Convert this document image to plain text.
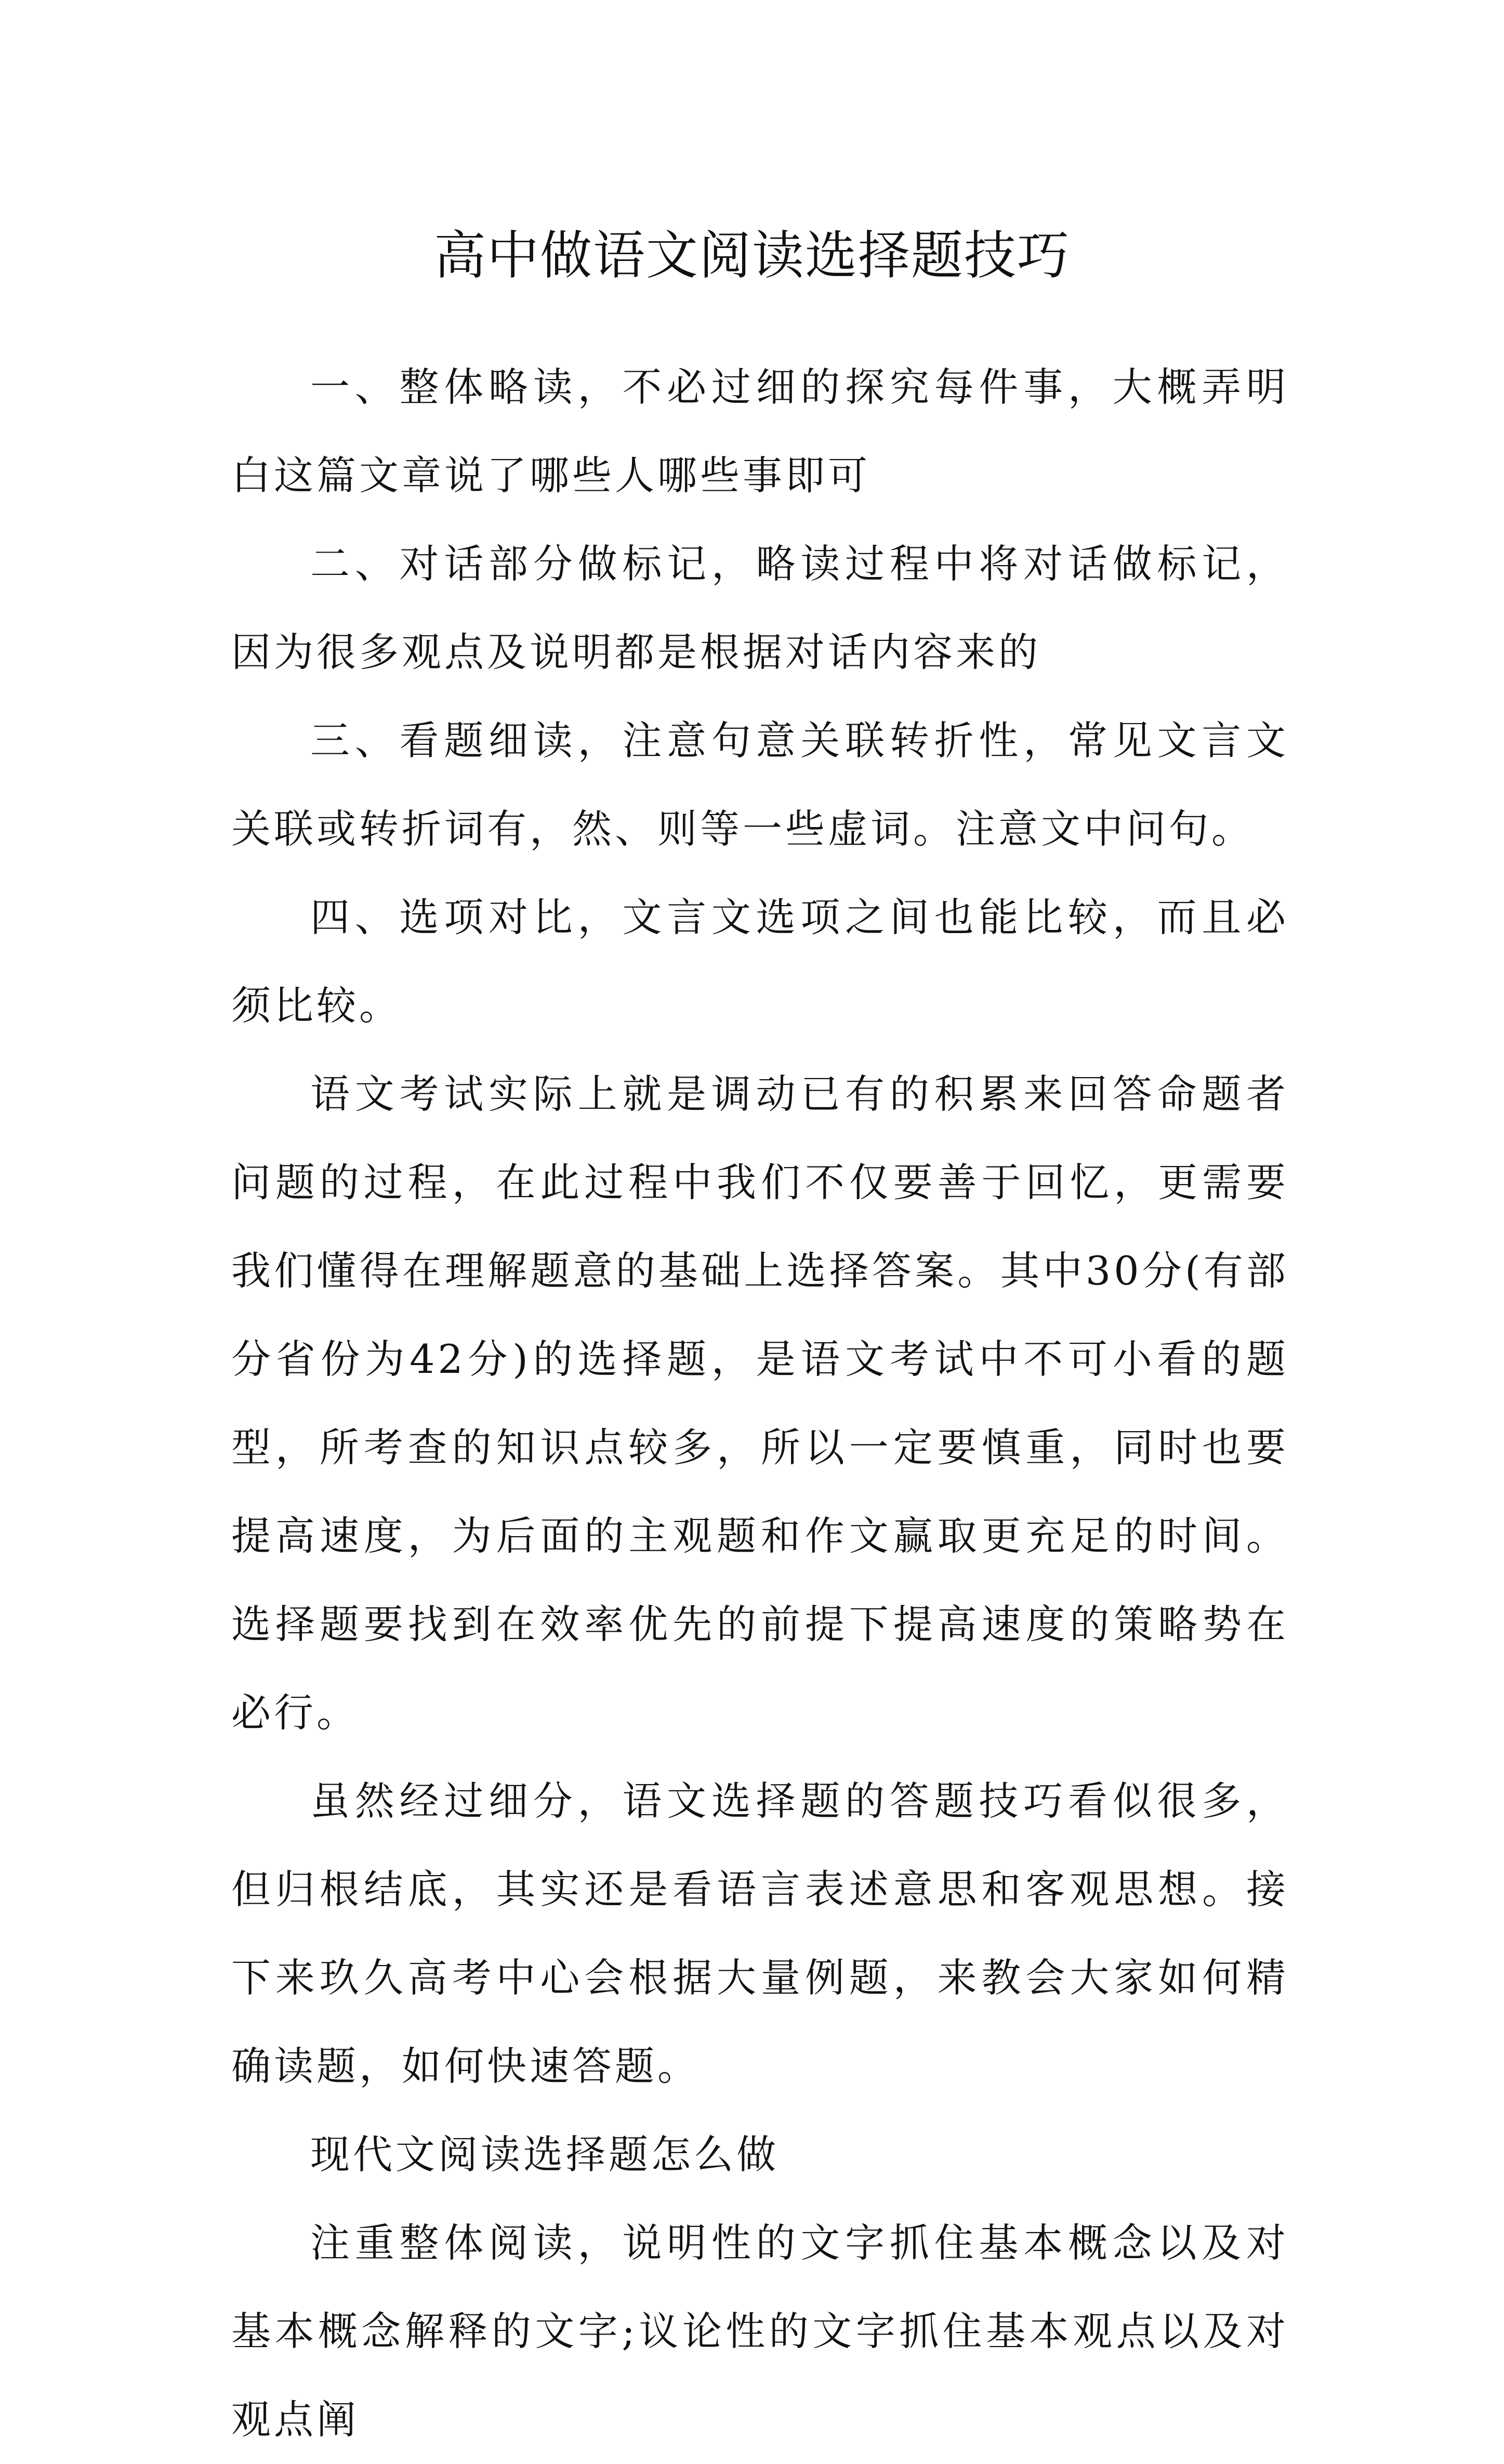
高中做语文阅读选择题技巧

一、整体略读，不必过细的探究每件事，大概弄明白这篇文章说了哪些人哪些事即可

二、对话部分做标记，略读过程中将对话做标记，因为很多观点及说明都是根据对话内容来的

三、看题细读，注意句意关联转折性，常见文言文关联或转折词有，然、则等一些虚词。注意文中问句。

四、选项对比，文言文选项之间也能比较，而且必须比较。

语文考试实际上就是调动已有的积累来回答命题者问题的过程，在此过程中我们不仅要善于回忆，更需要我们懂得在理解题意的基础上选择答案。其中30分(有部分省份为42分)的选择题，是语文考试中不可小看的题型，所考查的知识点较多，所以一定要慎重，同时也要提高速度，为后面的主观题和作文赢取更充足的时间。选择题要找到在效率优先的前提下提高速度的策略势在必行。

虽然经过细分，语文选择题的答题技巧看似很多，但归根结底，其实还是看语言表述意思和客观思想。接下来玖久高考中心会根据大量例题，来教会大家如何精确读题，如何快速答题。

现代文阅读选择题怎么做

注重整体阅读，说明性的文字抓住基本概念以及对基本概念解释的文字;议论性的文字抓住基本观点以及对观点阐
